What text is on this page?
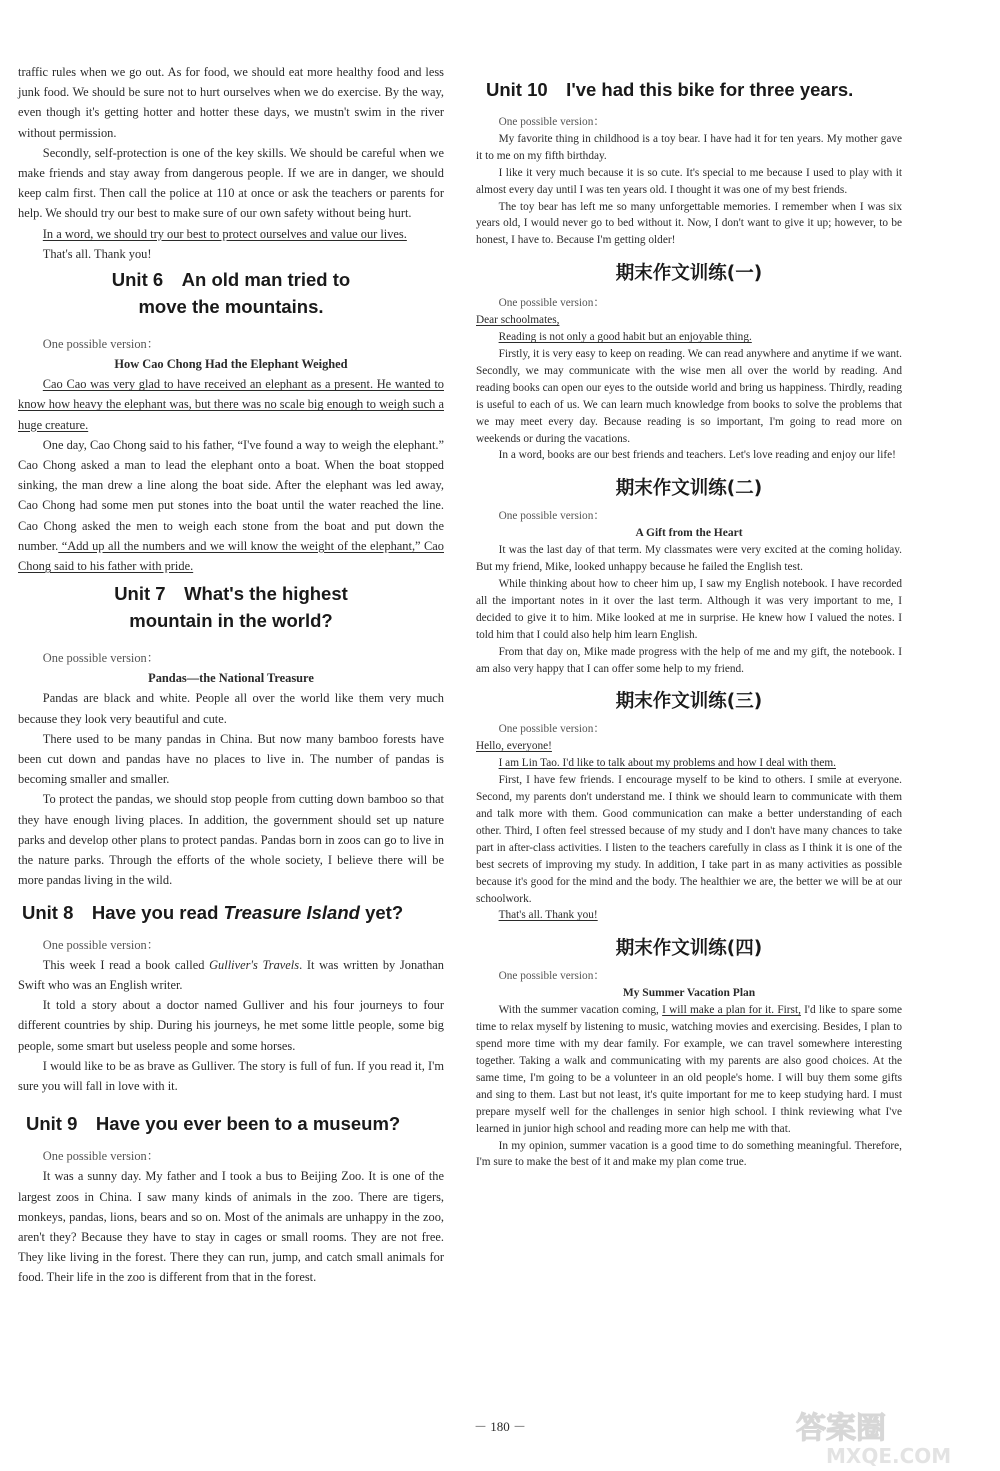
traffic rules when we go out. As for food, we should eat more healthy food and less junk food. We should be sure not to hurt ourselves when we do exercise. By the way, even though it's getting hotter and hotter these days, we mustn't swim in the river without permission.

Secondly, self-protection is one of the key skills. We should be careful when we make friends and stay away from dangerous people. If we are in danger, we should keep calm first. Then call the police at 110 at once or ask the teachers or parents for help. We should try our best to make sure of our own safety without being hurt.

In a word, we should try our best to protect ourselves and value our lives.

That's all. Thank you!

Unit 6　An old man tried to move the mountains.

One possible version：

How Cao Chong Had the Elephant Weighed

Cao Cao was very glad to have received an elephant as a present. He wanted to know how heavy the elephant was, but there was no scale big enough to weigh such a huge creature.

One day, Cao Chong said to his father, “I've found a way to weigh the elephant.” Cao Chong asked a man to lead the elephant onto a boat. When the boat stopped sinking, the man drew a line along the boat side. After the elephant was led away, Cao Chong had some men put stones into the boat until the water reached the line. Cao Chong asked the men to weigh each stone from the boat and put down the number. “Add up all the numbers and we will know the weight of the elephant,” Cao Chong said to his father with pride.

Unit 7　What's the highest mountain in the world?

One possible version：

Pandas—the National Treasure

Pandas are black and white. People all over the world like them very much because they look very beautiful and cute.

There used to be many pandas in China. But now many bamboo forests have been cut down and pandas have no places to live in. The number of pandas is becoming smaller and smaller.

To protect the pandas, we should stop people from cutting down bamboo so that they have enough living places. In addition, the government should set up nature parks and develop other plans to protect pandas. Pandas born in zoos can go to live in the nature parks. Through the efforts of the whole society, I believe there will be more pandas living in the wild.

Unit 8　Have you read Treasure Island yet?

One possible version：

This week I read a book called Gulliver's Travels. It was written by Jonathan Swift who was an English writer.

It told a story about a doctor named Gulliver and his four journeys to four different countries by ship. During his journeys, he met some little people, some big people, some smart but useless people and some horses.

I would like to be as brave as Gulliver. The story is full of fun. If you read it, I'm sure you will fall in love with it.

Unit 9　Have you ever been to a museum?

One possible version：

It was a sunny day. My father and I took a bus to Beijing Zoo. It is one of the largest zoos in China. I saw many kinds of animals in the zoo. There are tigers, monkeys, pandas, lions, bears and so on. Most of the animals are unhappy in the zoo, aren't they? Because they have to stay in cages or small rooms. They are not free. They like living in the forest. There they can run, jump, and catch small animals for food. Their life in the zoo is different from that in the forest.

Unit 10　I've had this bike for three years.

One possible version：

My favorite thing in childhood is a toy bear. I have had it for ten years. My mother gave it to me on my fifth birthday.

I like it very much because it is so cute. It's special to me because I used to play with it almost every day until I was ten years old. I thought it was one of my best friends.

The toy bear has left me so many unforgettable memories. I remember when I was six years old, I would never go to bed without it. Now, I don't want to give it up; however, to be honest, I have to. Because I'm getting older!

期末作文训练(一)

One possible version：

Dear schoolmates,

Reading is not only a good habit but an enjoyable thing.

Firstly, it is very easy to keep on reading. We can read anywhere and anytime if we want. Secondly, we may communicate with the wise men all over the world by reading. And reading books can open our eyes to the outside world and bring us happiness. Thirdly, reading is useful to each of us. We can learn much knowledge from books to solve the problems that we may meet every day. Because reading is so important, I'm going to read more on weekends or during the vacations.

In a word, books are our best friends and teachers. Let's love reading and enjoy our life!

期末作文训练(二)

One possible version：

A Gift from the Heart

It was the last day of that term. My classmates were very excited at the coming holiday. But my friend, Mike, looked unhappy because he failed the English test.

While thinking about how to cheer him up, I saw my English notebook. I have recorded all the important notes in it over the last term. Although it was very important to me, I decided to give it to him. Mike looked at me in surprise. He knew how I valued the notes. I told him that I could also help him learn English.

From that day on, Mike made progress with the help of me and my gift, the notebook. I am also very happy that I can offer some help to my friend.

期末作文训练(三)

One possible version：

Hello, everyone!

I am Lin Tao. I'd like to talk about my problems and how I deal with them.

First, I have few friends. I encourage myself to be kind to others. I smile at everyone. Second, my parents don't understand me. I think we should learn to communicate with them and talk more with them. Good communication can make a better understanding of each other. Third, I often feel stressed because of my study and I don't have many chances to take part in after-class activities. I listen to the teachers carefully in class as I think it is one of the best secrets of improving my study. In addition, I take part in as many activities as possible because it's good for the mind and the body. The healthier we are, the better we will be at our schoolwork.

That's all. Thank you!

期末作文训练(四)

One possible version：

My Summer Vacation Plan

With the summer vacation coming, I will make a plan for it. First, I'd like to spare some time to relax myself by listening to music, watching movies and exercising. Besides, I plan to spend more time with my dear family. For example, we can travel somewhere interesting together. Taking a walk and communicating with my parents are also good choices. At the same time, I'm going to be a volunteer in an old people's home. I will buy them some gifts and sing to them. Last but not least, it's quite important for me to keep studying hard. I must prepare myself well for the challenges in senior high school. I think reviewing what I've learned in junior high school and reading more can help me with that.

In my opinion, summer vacation is a good time to do something meaningful. Therefore, I'm sure to make the best of it and make my plan come true.

－ 180 －	答案圈
MXQE.COM
